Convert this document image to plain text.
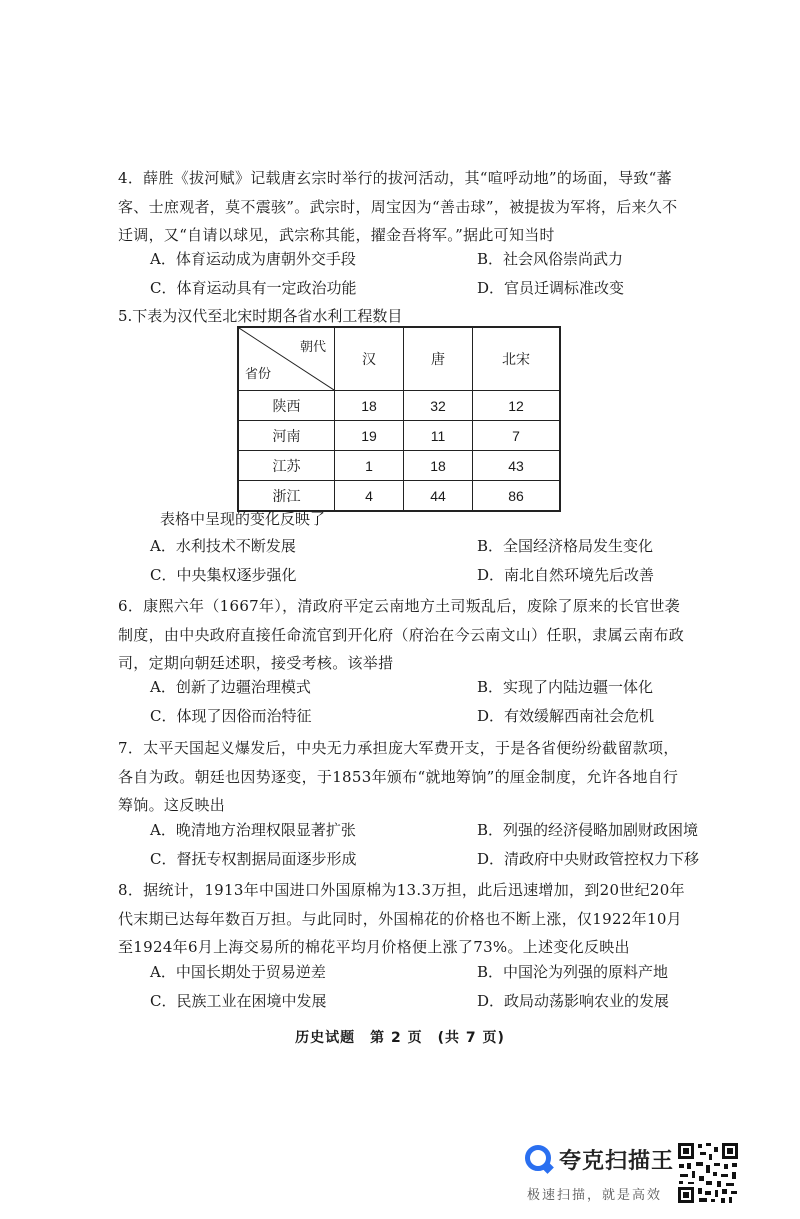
4．薛胜《拔河赋》记载唐玄宗时举行的拔河活动，其“喧呼动地”的场面，导致“蕃客、士庶观者，莫不震骇”。武宗时，周宝因为“善击球”，被提拔为军将，后来久不迁调，又“自请以球见，武宗称其能，擢金吾将军。”据此可知当时

A．体育运动成为唐朝外交手段	B．社会风俗崇尚武力
C．体育运动具有一定政治功能	D．官员迁调标准改变
5.下表为汉代至北宋时期各省水利工程数目
朝代
省份	汉	唐	北宋
陕西	18	32	12
河南	19	11	7
江苏	1	18	43
浙江	4	44	86
表格中呈现的变化反映了
A．水利技术不断发展	B．全国经济格局发生变化
C．中央集权逐步强化	D．南北自然环境先后改善

6．康熙六年（1667年），清政府平定云南地方土司叛乱后，废除了原来的长官世袭制度，由中央政府直接任命流官到开化府（府治在今云南文山）任职，隶属云南布政司，定期向朝廷述职，接受考核。该举措

A．创新了边疆治理模式	B．实现了内陆边疆一体化
C．体现了因俗而治特征	D．有效缓解西南社会危机

7．太平天国起义爆发后，中央无力承担庞大军费开支，于是各省便纷纷截留款项，各自为政。朝廷也因势逐变，于1853年颁布“就地筹饷”的厘金制度，允许各地自行筹饷。这反映出

A．晚清地方治理权限显著扩张	B．列强的经济侵略加剧财政困境
C．督抚专权割据局面逐步形成	D．清政府中央财政管控权力下移

8．据统计，1913年中国进口外国原棉为13.3万担，此后迅速增加，到20世纪20年代末期已达每年数百万担。与此同时，外国棉花的价格也不断上涨，仅1922年10月至1924年6月上海交易所的棉花平均月价格便上涨了73%。上述变化反映出

A．中国长期处于贸易逆差	B．中国沦为列强的原料产地
C．民族工业在困境中发展	D．政局动荡影响农业的发展
历史试题　第 2 页　(共 7 页)
夸克扫描王
极速扫描，就是高效
